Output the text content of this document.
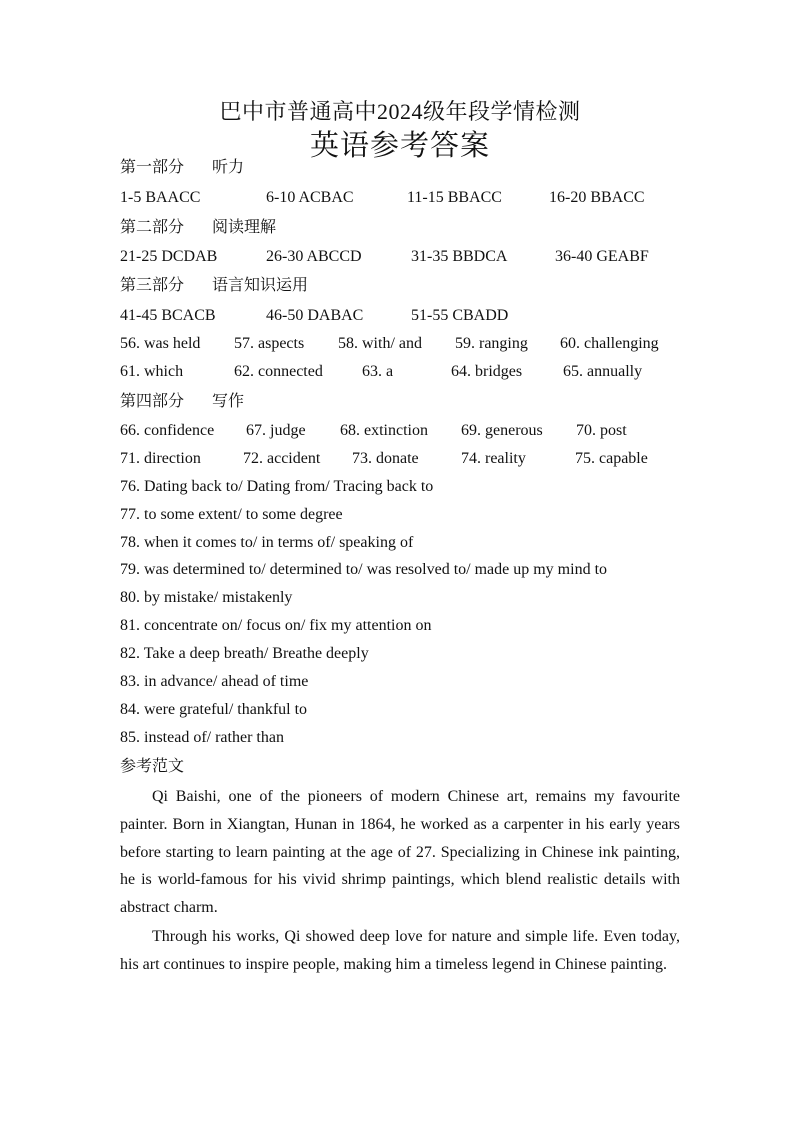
巴中市普通高中2024级年段学情检测
英语参考答案
第一部分 听力
1-5 BAACC	6-10 ACBAC	11-15 BBACC	16-20 BBACC
第二部分 阅读理解
21-25 DCDAB	26-30 ABCCD	31-35 BBDCA	36-40 GEABF
第三部分 语言知识运用
41-45 BCACB	46-50 DABAC	51-55 CBADD
56. was held 57. aspects 58. with/ and 59. ranging 60. challenging
61. which	62. connected 63. a	64. bridges	65. annually
第四部分 写作
66. confidence 67. judge 68. extinction 69. generous 70. post
71. direction	72. accident 73. donate	74. reality	75. capable
76. Dating back to/ Dating from/ Tracing back to
77. to some extent/ to some degree
78. when it comes to/ in terms of/ speaking of
79. was determined to/ determined to/ was resolved to/ made up my mind to
80. by mistake/ mistakenly
81. concentrate on/ focus on/ fix my attention on
82. Take a deep breath/ Breathe deeply
83. in advance/ ahead of time
84. were grateful/ thankful to
85. instead of/ rather than
参考范文

Qi Baishi, one of the pioneers of modern Chinese art, remains my favourite painter. Born in Xiangtan, Hunan in 1864, he worked as a carpenter in his early years before starting to learn painting at the age of 27. Specializing in Chinese ink painting, he is world-famous for his vivid shrimp paintings, which blend realistic details with abstract charm.

Through his works, Qi showed deep love for nature and simple life. Even today, his art continues to inspire people, making him a timeless legend in Chinese painting.
